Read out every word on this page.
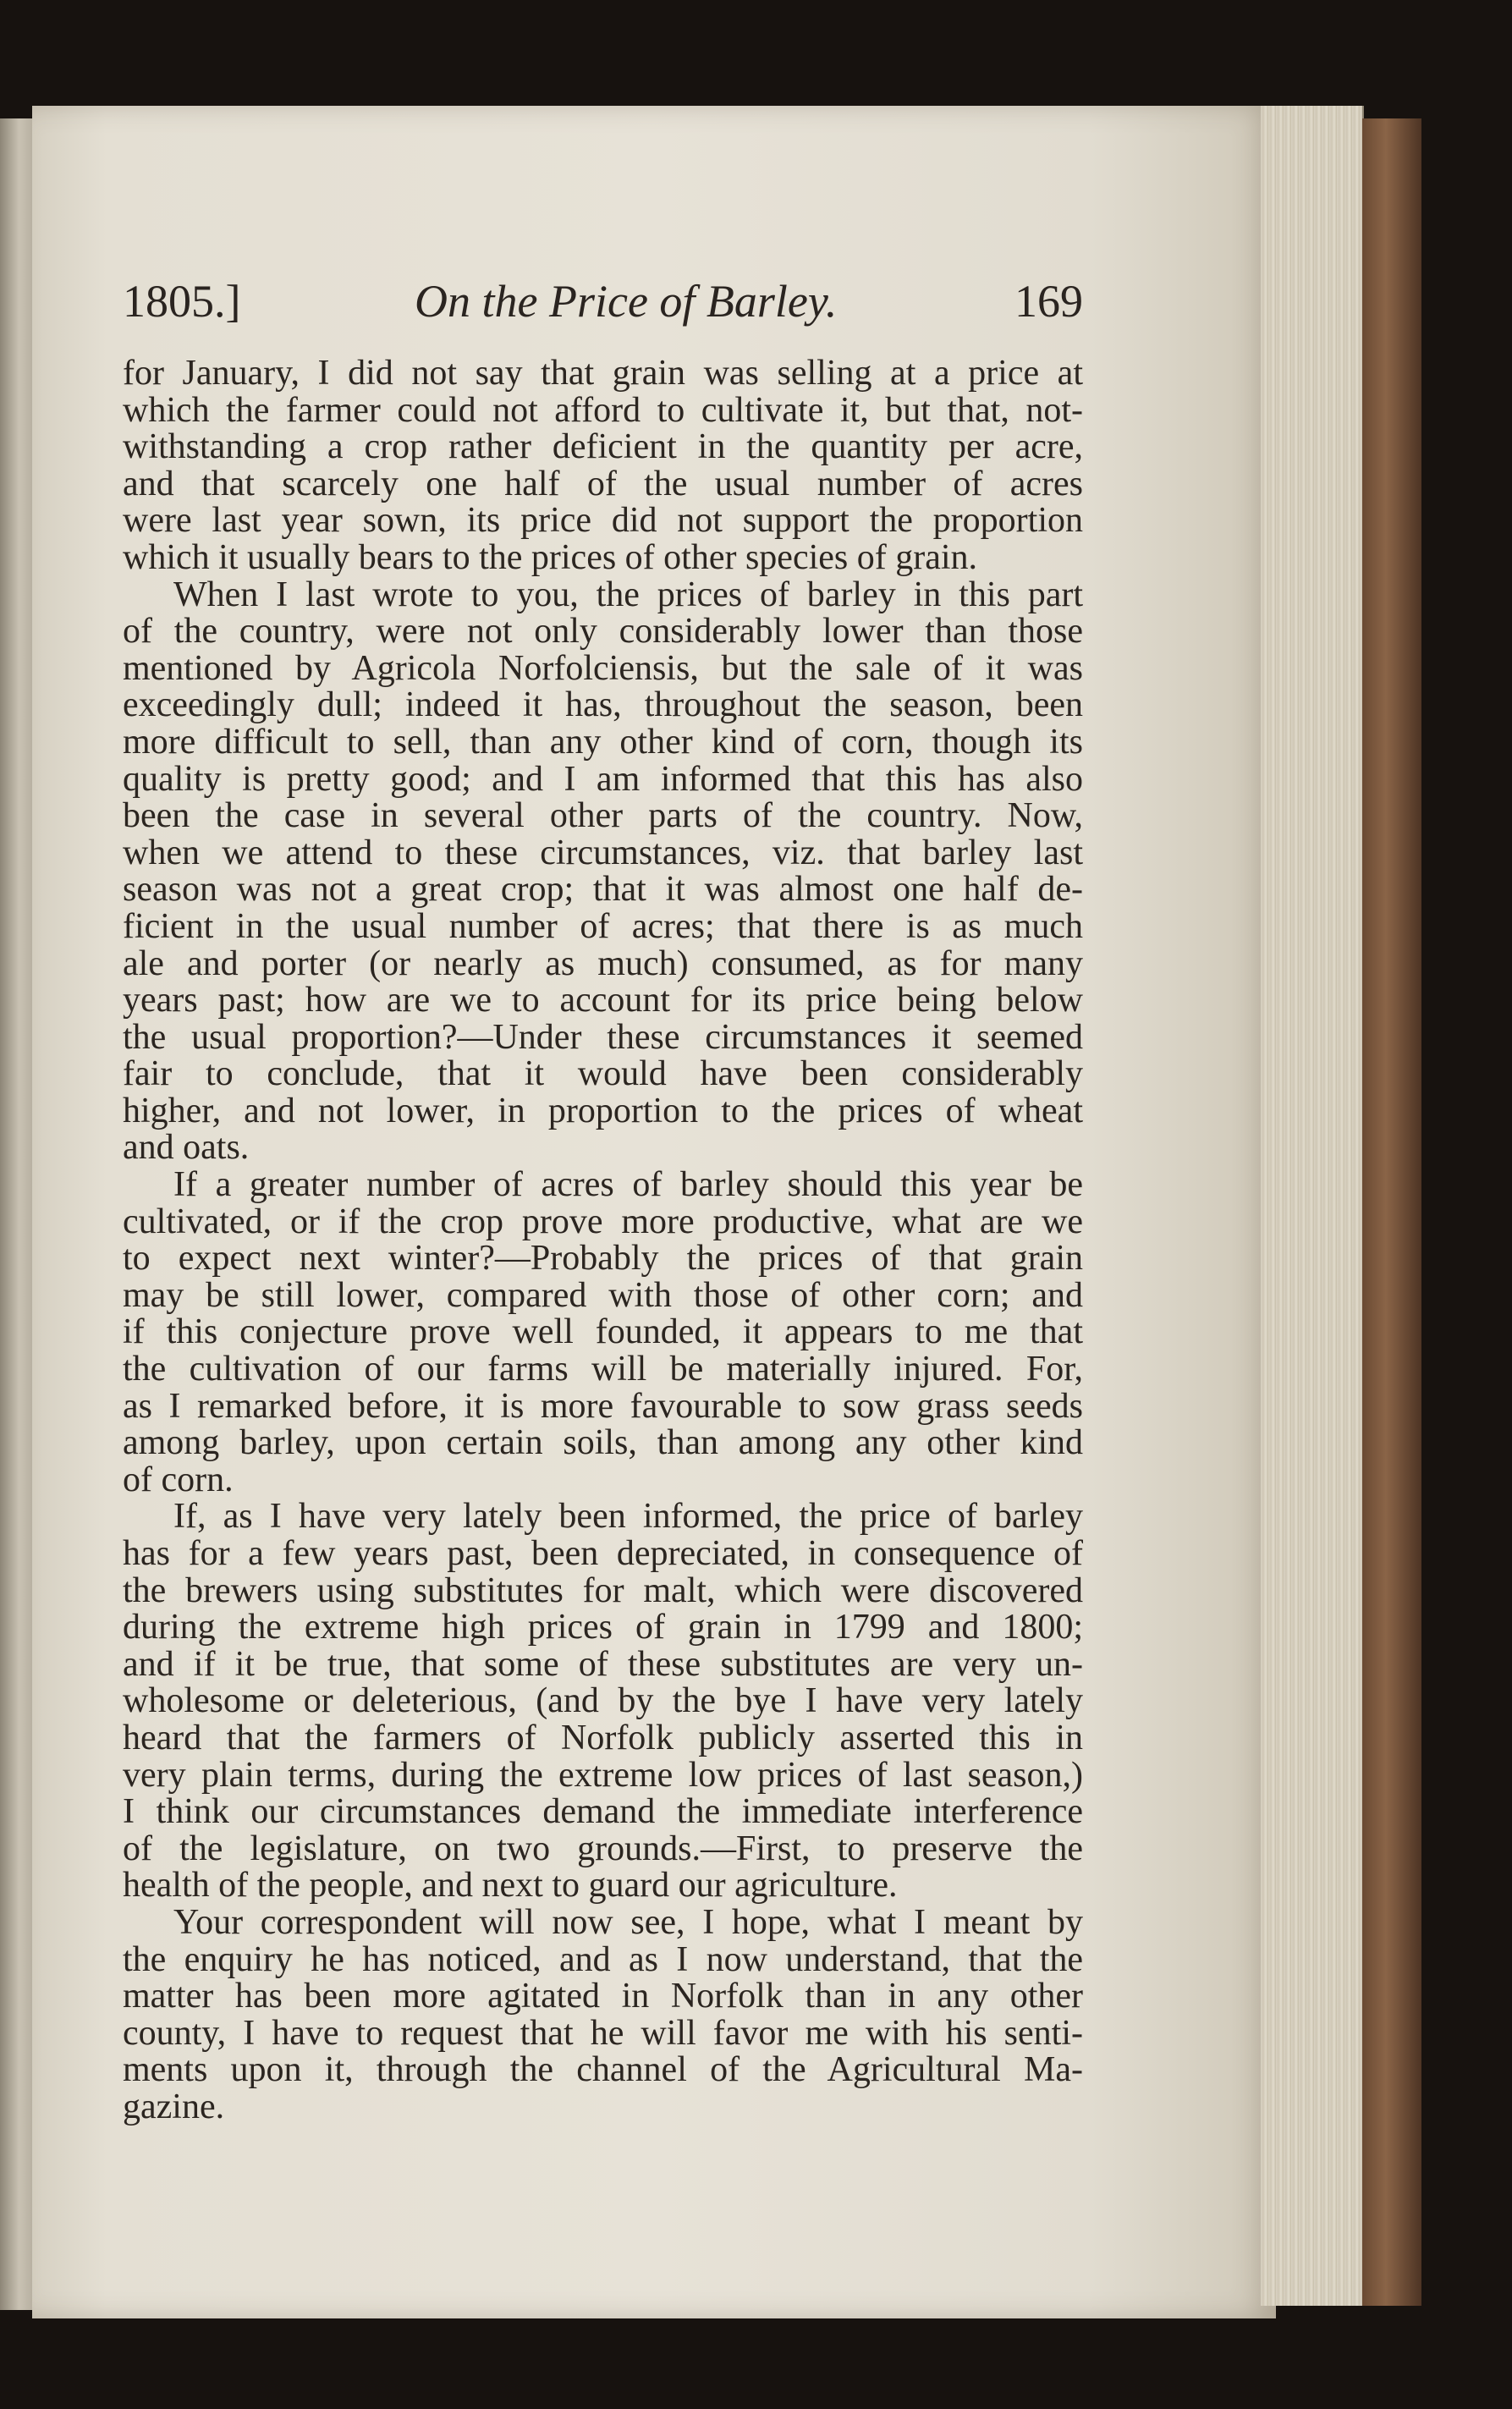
1805.]	On the Price of Barley.	169
for January, I did not say that grain was selling at a price at
which the farmer could not afford to cultivate it, but that, not-
withstanding a crop rather deficient in the quantity per acre,
and that scarcely one half of the usual number of acres
were last year sown, its price did not support the proportion
which it usually bears to the prices of other species of grain.
When I last wrote to you, the prices of barley in this part
of the country, were not only considerably lower than those
mentioned by Agricola Norfolciensis, but the sale of it was
exceedingly dull; indeed it has, throughout the season, been
more difficult to sell, than any other kind of corn, though its
quality is pretty good; and I am informed that this has also
been the case in several other parts of the country. Now,
when we attend to these circumstances, viz. that barley last
season was not a great crop; that it was almost one half de-
ficient in the usual number of acres; that there is as much
ale and porter (or nearly as much) consumed, as for many
years past; how are we to account for its price being below
the usual proportion?—Under these circumstances it seemed
fair to conclude, that it would have been considerably
higher, and not lower, in proportion to the prices of wheat
and oats.
If a greater number of acres of barley should this year be
cultivated, or if the crop prove more productive, what are we
to expect next winter?—Probably the prices of that grain
may be still lower, compared with those of other corn; and
if this conjecture prove well founded, it appears to me that
the cultivation of our farms will be materially injured. For,
as I remarked before, it is more favourable to sow grass seeds
among barley, upon certain soils, than among any other kind
of corn.
If, as I have very lately been informed, the price of barley
has for a few years past, been depreciated, in consequence of
the brewers using substitutes for malt, which were discovered
during the extreme high prices of grain in 1799 and 1800;
and if it be true, that some of these substitutes are very un-
wholesome or deleterious, (and by the bye I have very lately
heard that the farmers of Norfolk publicly asserted this in
very plain terms, during the extreme low prices of last season,)
I think our circumstances demand the immediate interference
of the legislature, on two grounds.—First, to preserve the
health of the people, and next to guard our agriculture.
Your correspondent will now see, I hope, what I meant by
the enquiry he has noticed, and as I now understand, that the
matter has been more agitated in Norfolk than in any other
county, I have to request that he will favor me with his senti-
ments upon it, through the channel of the Agricultural Ma-
gazine.
